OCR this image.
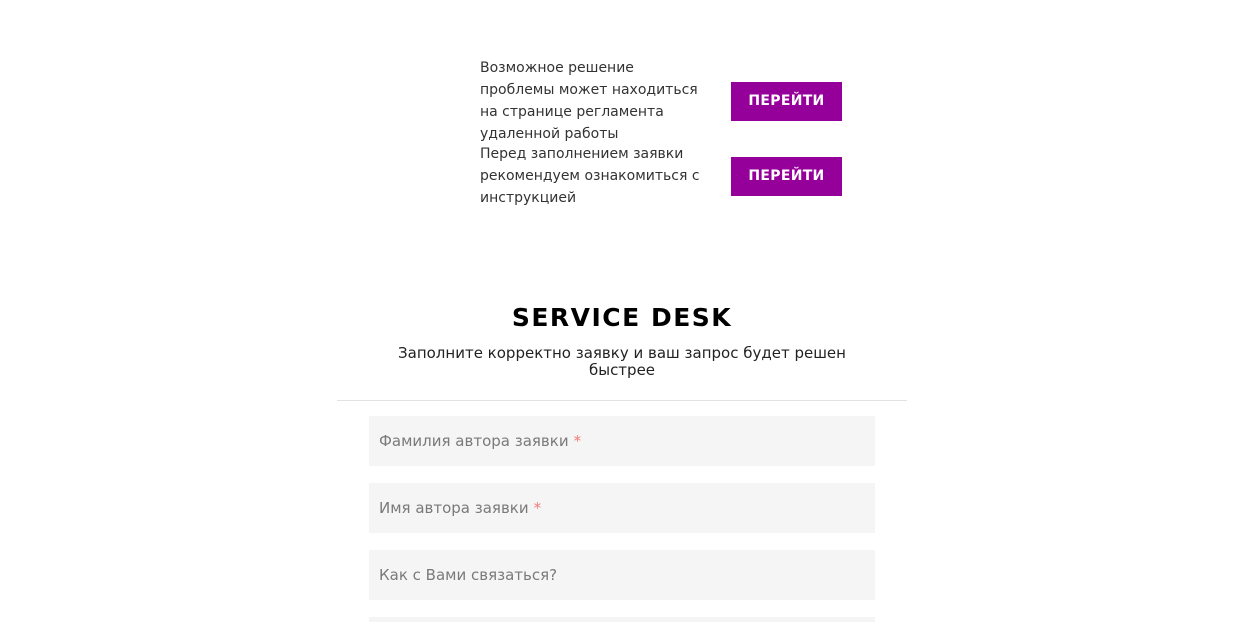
Возможное решение проблемы может находиться на странице регламента удаленной работы
ПЕРЕЙТИ
Перед заполнением заявки рекомендуем ознакомиться с инструкцией
ПЕРЕЙТИ
SERVICE DESK
Заполните корректно заявку и ваш запрос будет решен быстрее
Фамилия автора заявки *
Имя автора заявки *
Как с Вами связаться?
